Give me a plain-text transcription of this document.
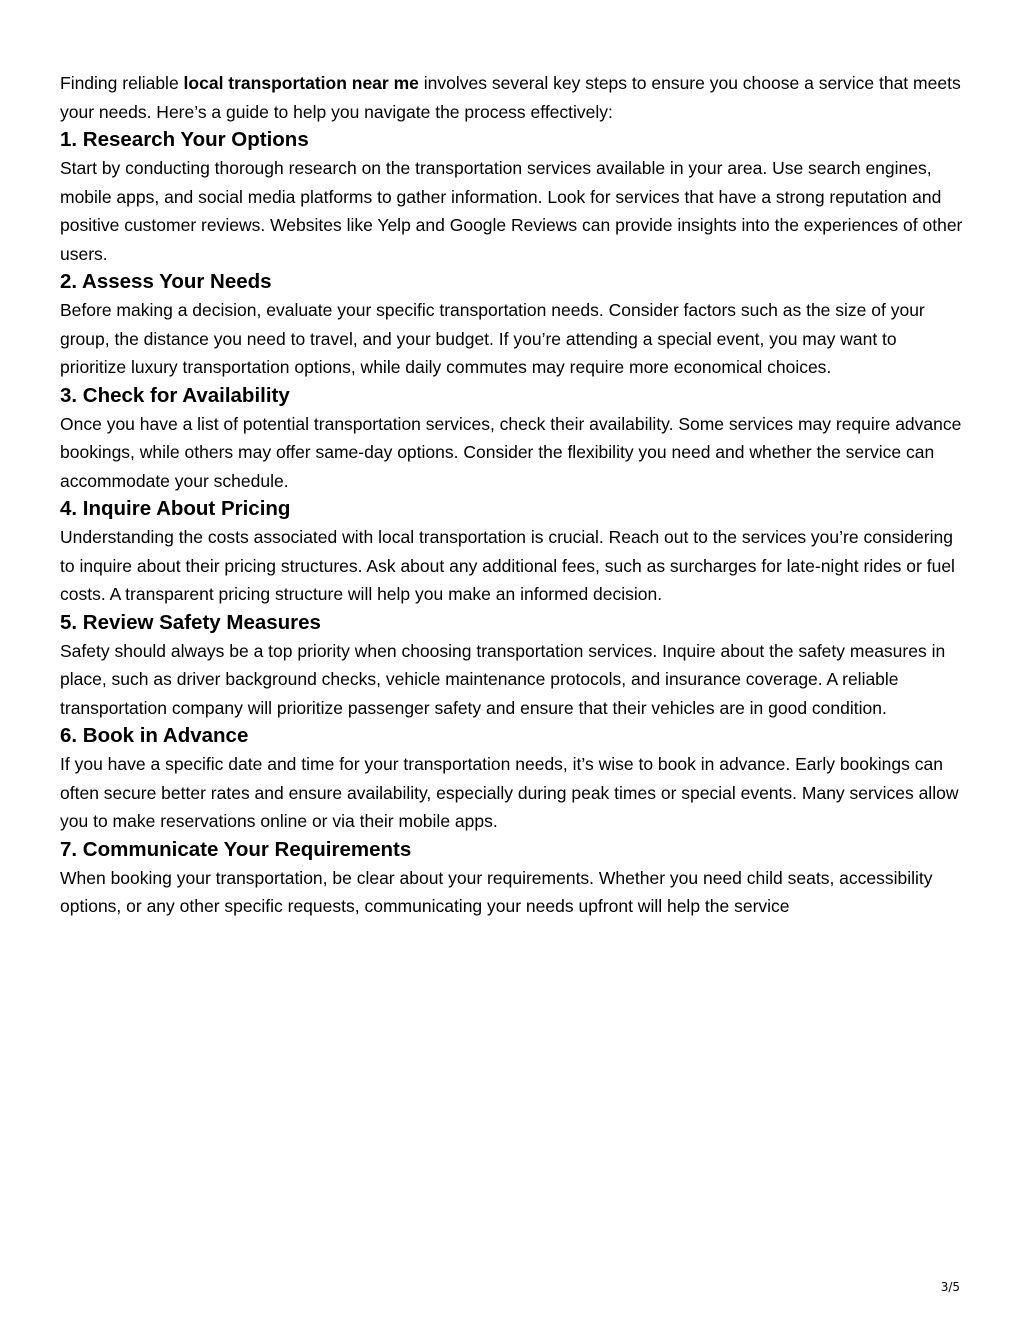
Finding reliable local transportation near me involves several key steps to ensure you choose a service that meets your needs. Here’s a guide to help you navigate the process effectively:

1. Research Your Options

Start by conducting thorough research on the transportation services available in your area. Use search engines, mobile apps, and social media platforms to gather information. Look for services that have a strong reputation and positive customer reviews. Websites like Yelp and Google Reviews can provide insights into the experiences of other users.

2. Assess Your Needs

Before making a decision, evaluate your specific transportation needs. Consider factors such as the size of your group, the distance you need to travel, and your budget. If you’re attending a special event, you may want to prioritize luxury transportation options, while daily commutes may require more economical choices.

3. Check for Availability

Once you have a list of potential transportation services, check their availability. Some services may require advance bookings, while others may offer same-day options. Consider the flexibility you need and whether the service can accommodate your schedule.

4. Inquire About Pricing

Understanding the costs associated with local transportation is crucial. Reach out to the services you’re considering to inquire about their pricing structures. Ask about any additional fees, such as surcharges for late-night rides or fuel costs. A transparent pricing structure will help you make an informed decision.

5. Review Safety Measures

Safety should always be a top priority when choosing transportation services. Inquire about the safety measures in place, such as driver background checks, vehicle maintenance protocols, and insurance coverage. A reliable transportation company will prioritize passenger safety and ensure that their vehicles are in good condition.

6. Book in Advance

If you have a specific date and time for your transportation needs, it’s wise to book in advance. Early bookings can often secure better rates and ensure availability, especially during peak times or special events. Many services allow you to make reservations online or via their mobile apps.

7. Communicate Your Requirements

When booking your transportation, be clear about your requirements. Whether you need child seats, accessibility options, or any other specific requests, communicating your needs upfront will help the service

3/5
